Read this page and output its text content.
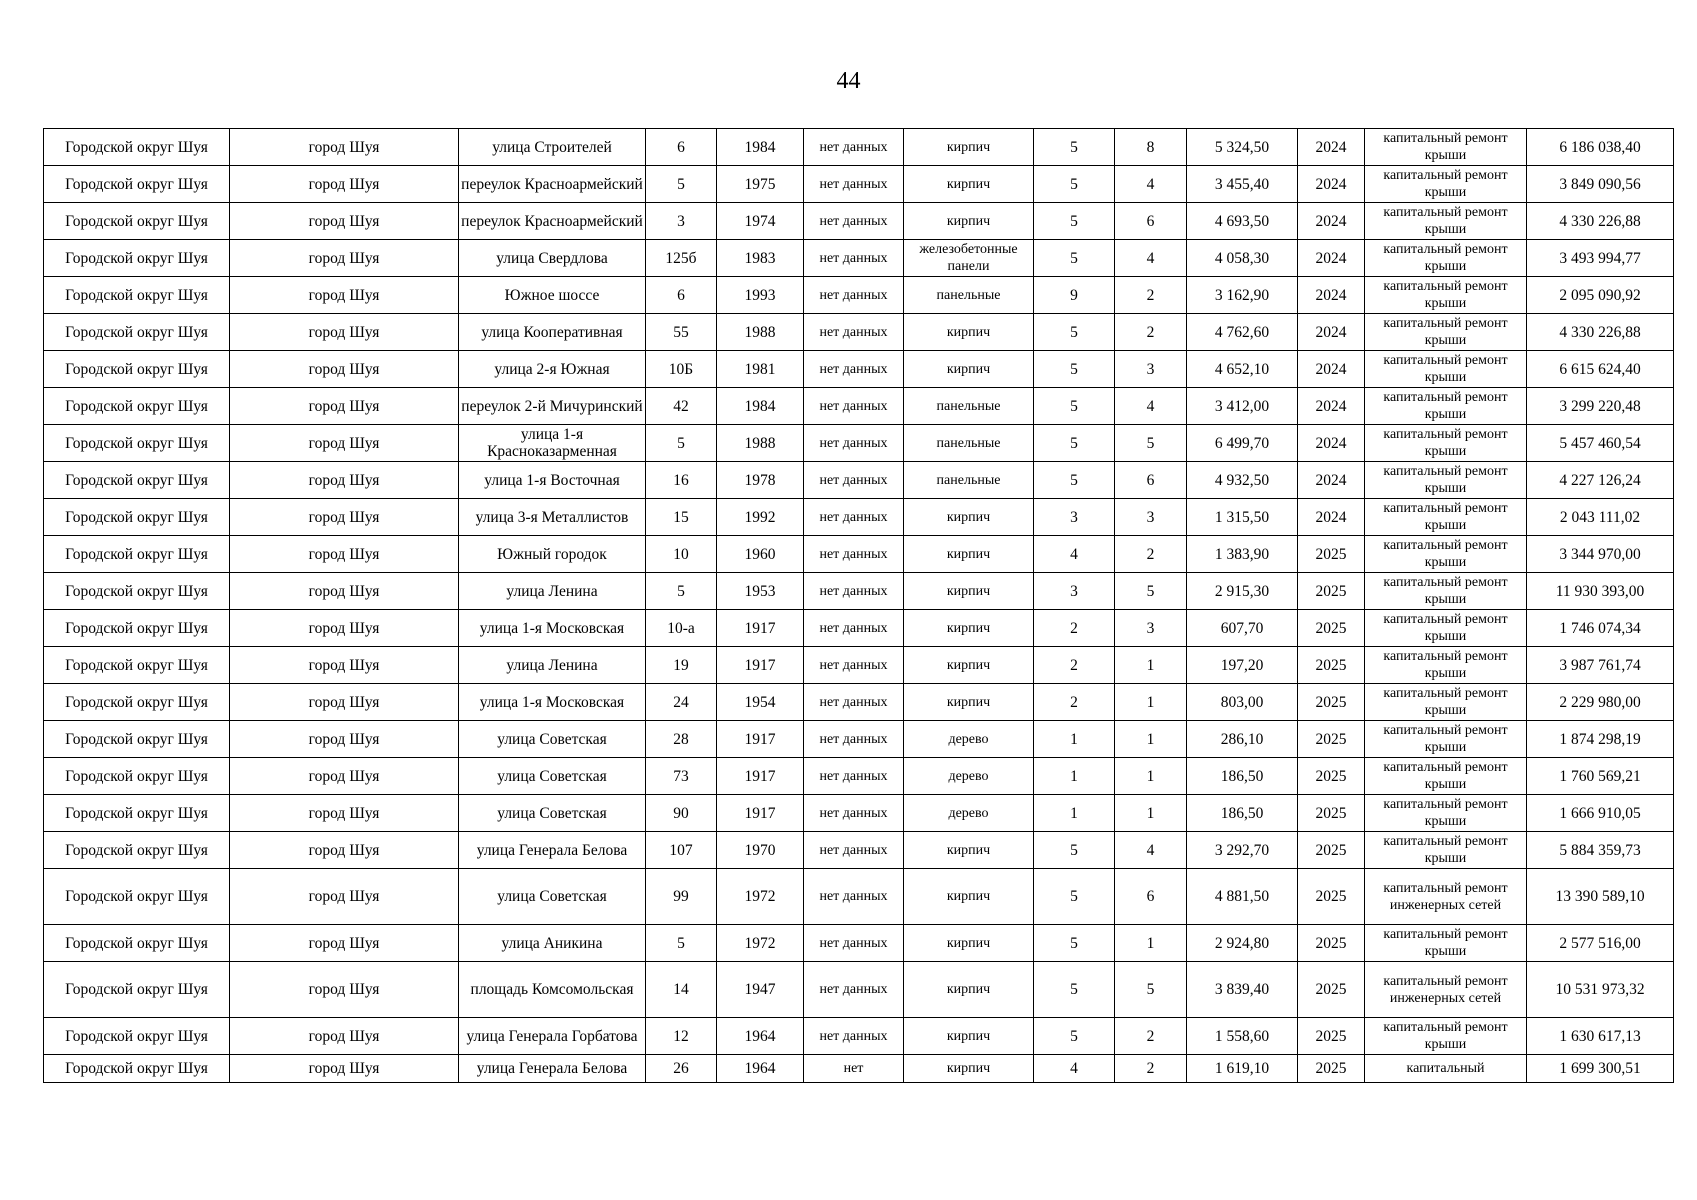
44
Городской округ Шуя	город Шуя	улица Строителей	6	1984	нет данных	кирпич	5	8	5 324,50	2024	капитальный ремонт крыши	6 186 038,40
Городской округ Шуя	город Шуя	переулок Красноармейский	5	1975	нет данных	кирпич	5	4	3 455,40	2024	капитальный ремонт крыши	3 849 090,56
Городской округ Шуя	город Шуя	переулок Красноармейский	3	1974	нет данных	кирпич	5	6	4 693,50	2024	капитальный ремонт крыши	4 330 226,88
Городской округ Шуя	город Шуя	улица Свердлова	125б	1983	нет данных	железобетонные панели	5	4	4 058,30	2024	капитальный ремонт крыши	3 493 994,77
Городской округ Шуя	город Шуя	Южное шоссе	6	1993	нет данных	панельные	9	2	3 162,90	2024	капитальный ремонт крыши	2 095 090,92
Городской округ Шуя	город Шуя	улица Кооперативная	55	1988	нет данных	кирпич	5	2	4 762,60	2024	капитальный ремонт крыши	4 330 226,88
Городской округ Шуя	город Шуя	улица 2-я Южная	10Б	1981	нет данных	кирпич	5	3	4 652,10	2024	капитальный ремонт крыши	6 615 624,40
Городской округ Шуя	город Шуя	переулок 2-й Мичуринский	42	1984	нет данных	панельные	5	4	3 412,00	2024	капитальный ремонт крыши	3 299 220,48
Городской округ Шуя	город Шуя	улица 1-я Красноказарменная	5	1988	нет данных	панельные	5	5	6 499,70	2024	капитальный ремонт крыши	5 457 460,54
Городской округ Шуя	город Шуя	улица 1-я Восточная	16	1978	нет данных	панельные	5	6	4 932,50	2024	капитальный ремонт крыши	4 227 126,24
Городской округ Шуя	город Шуя	улица 3-я Металлистов	15	1992	нет данных	кирпич	3	3	1 315,50	2024	капитальный ремонт крыши	2 043 111,02
Городской округ Шуя	город Шуя	Южный городок	10	1960	нет данных	кирпич	4	2	1 383,90	2025	капитальный ремонт крыши	3 344 970,00
Городской округ Шуя	город Шуя	улица Ленина	5	1953	нет данных	кирпич	3	5	2 915,30	2025	капитальный ремонт крыши	11 930 393,00
Городской округ Шуя	город Шуя	улица 1-я Московская	10-а	1917	нет данных	кирпич	2	3	607,70	2025	капитальный ремонт крыши	1 746 074,34
Городской округ Шуя	город Шуя	улица Ленина	19	1917	нет данных	кирпич	2	1	197,20	2025	капитальный ремонт крыши	3 987 761,74
Городской округ Шуя	город Шуя	улица 1-я Московская	24	1954	нет данных	кирпич	2	1	803,00	2025	капитальный ремонт крыши	2 229 980,00
Городской округ Шуя	город Шуя	улица Советская	28	1917	нет данных	дерево	1	1	286,10	2025	капитальный ремонт крыши	1 874 298,19
Городской округ Шуя	город Шуя	улица Советская	73	1917	нет данных	дерево	1	1	186,50	2025	капитальный ремонт крыши	1 760 569,21
Городской округ Шуя	город Шуя	улица Советская	90	1917	нет данных	дерево	1	1	186,50	2025	капитальный ремонт крыши	1 666 910,05
Городской округ Шуя	город Шуя	улица Генерала Белова	107	1970	нет данных	кирпич	5	4	3 292,70	2025	капитальный ремонт крыши	5 884 359,73
Городской округ Шуя	город Шуя	улица Советская	99	1972	нет данных	кирпич	5	6	4 881,50	2025	капитальный ремонт инженерных сетей	13 390 589,10
Городской округ Шуя	город Шуя	улица Аникина	5	1972	нет данных	кирпич	5	1	2 924,80	2025	капитальный ремонт крыши	2 577 516,00
Городской округ Шуя	город Шуя	площадь Комсомольская	14	1947	нет данных	кирпич	5	5	3 839,40	2025	капитальный ремонт инженерных сетей	10 531 973,32
Городской округ Шуя	город Шуя	улица Генерала Горбатова	12	1964	нет данных	кирпич	5	2	1 558,60	2025	капитальный ремонт крыши	1 630 617,13
Городской округ Шуя	город Шуя	улица Генерала Белова	26	1964	нет	кирпич	4	2	1 619,10	2025	капитальный	1 699 300,51
